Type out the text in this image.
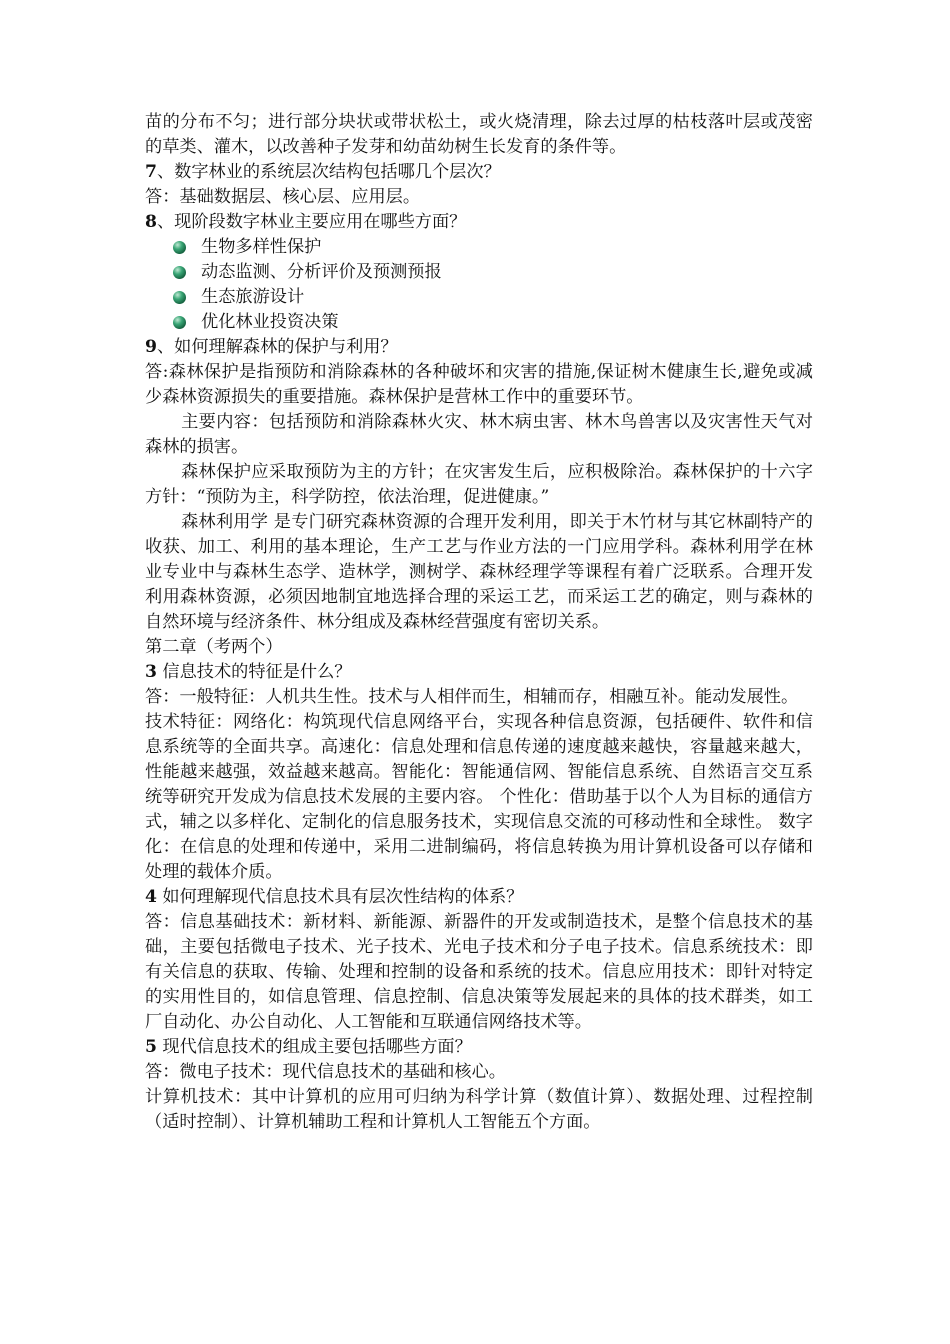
苗的分布不匀；进行部分块状或带状松土，或火烧清理，除去过厚的枯枝落叶层或茂密的草类、灌木，以改善种子发芽和幼苗幼树生长发育的条件等。

7、数字林业的系统层次结构包括哪几个层次？

答：基础数据层、核心层、应用层。

8、现阶段数字林业主要应用在哪些方面？
生物多样性保护
动态监测、分析评价及预测预报
生态旅游设计
优化林业投资决策
9、如何理解森林的保护与利用？

答:森林保护是指预防和消除森林的各种破坏和灾害的措施,保证树木健康生长,避免或减少森林资源损失的重要措施。森林保护是营林工作中的重要环节。

主要内容：包括预防和消除森林火灾、林木病虫害、林木鸟兽害以及灾害性天气对森林的损害。

森林保护应采取预防为主的方针；在灾害发生后，应积极除治。森林保护的十六字方针：“预防为主，科学防控，依法治理，促进健康。”

森林利用学 是专门研究森林资源的合理开发利用，即关于木竹材与其它林副特产的收获、加工、利用的基本理论，生产工艺与作业方法的一门应用学科。森林利用学在林业专业中与森林生态学、造林学，测树学、森林经理学等课程有着广泛联系。合理开发利用森林资源，必须因地制宜地选择合理的采运工艺，而采运工艺的确定，则与森林的自然环境与经济条件、林分组成及森林经营强度有密切关系。

第二章（考两个）

3 信息技术的特征是什么？

答：一般特征：人机共生性。技术与人相伴而生，相辅而存，相融互补。能动发展性。

技术特征：网络化：构筑现代信息网络平台，实现各种信息资源，包括硬件、软件和信息系统等的全面共享。高速化：信息处理和信息传递的速度越来越快，容量越来越大，性能越来越强，效益越来越高。智能化：智能通信网、智能信息系统、自然语言交互系统等研究开发成为信息技术发展的主要内容。 个性化：借助基于以个人为目标的通信方式，辅之以多样化、定制化的信息服务技术，实现信息交流的可移动性和全球性。 数字化：在信息的处理和传递中，采用二进制编码，将信息转换为用计算机设备可以存储和处理的载体介质。

4 如何理解现代信息技术具有层次性结构的体系？

答：信息基础技术：新材料、新能源、新器件的开发或制造技术，是整个信息技术的基础，主要包括微电子技术、光子技术、光电子技术和分子电子技术。信息系统技术：即有关信息的获取、传输、处理和控制的设备和系统的技术。信息应用技术：即针对特定的实用性目的，如信息管理、信息控制、信息决策等发展起来的具体的技术群类，如工厂自动化、办公自动化、人工智能和互联通信网络技术等。

5 现代信息技术的组成主要包括哪些方面？

答：微电子技术：现代信息技术的基础和核心。

计算机技术：其中计算机的应用可归纳为科学计算（数值计算）、数据处理、过程控制（适时控制）、计算机辅助工程和计算机人工智能五个方面。
